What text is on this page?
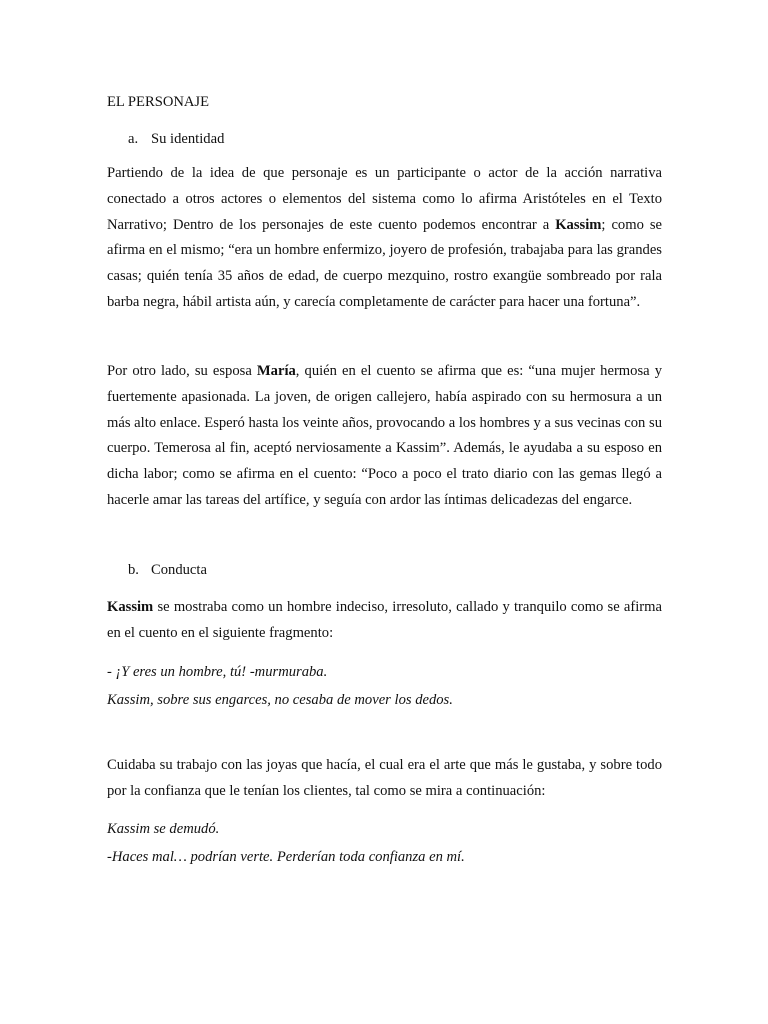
EL PERSONAJE
a. Su identidad
Partiendo de la idea de que personaje es un participante o actor de la acción narrativa conectado a otros actores o elementos del sistema como lo afirma Aristóteles en el Texto Narrativo; Dentro de los personajes de este cuento podemos encontrar a Kassim; como se afirma en el mismo; “era un hombre enfermizo, joyero de profesión, trabajaba para las grandes casas; quién tenía 35 años de edad, de cuerpo mezquino, rostro exangüe sombreado por rala barba negra, hábil artista aún, y carecía completamente de carácter para hacer una fortuna”.
Por otro lado, su esposa María, quién en el cuento se afirma que es: “una mujer hermosa y fuertemente apasionada. La joven, de origen callejero, había aspirado con su hermosura a un más alto enlace. Esperó hasta los veinte años, provocando a los hombres y a sus vecinas con su cuerpo. Temerosa al fin, aceptó nerviosamente a Kassim”. Además, le ayudaba a su esposo en dicha labor; como se afirma en el cuento: “Poco a poco el trato diario con las gemas llegó a hacerle amar las tareas del artífice, y seguía con ardor las íntimas delicadezas del engarce.
b. Conducta
Kassim se mostraba como un hombre indeciso, irresoluto, callado y tranquilo como se afirma en el cuento en el siguiente fragmento:
- ¡Y eres un hombre, tú! -murmuraba.
Kassim, sobre sus engarces, no cesaba de mover los dedos.
Cuidaba su trabajo con las joyas que hacía, el cual era el arte que más le gustaba, y sobre todo por la confianza que le tenían los clientes, tal como se mira a continuación:
Kassim se demudó.
-Haces mal… podrían verte. Perderían toda confianza en mí.
